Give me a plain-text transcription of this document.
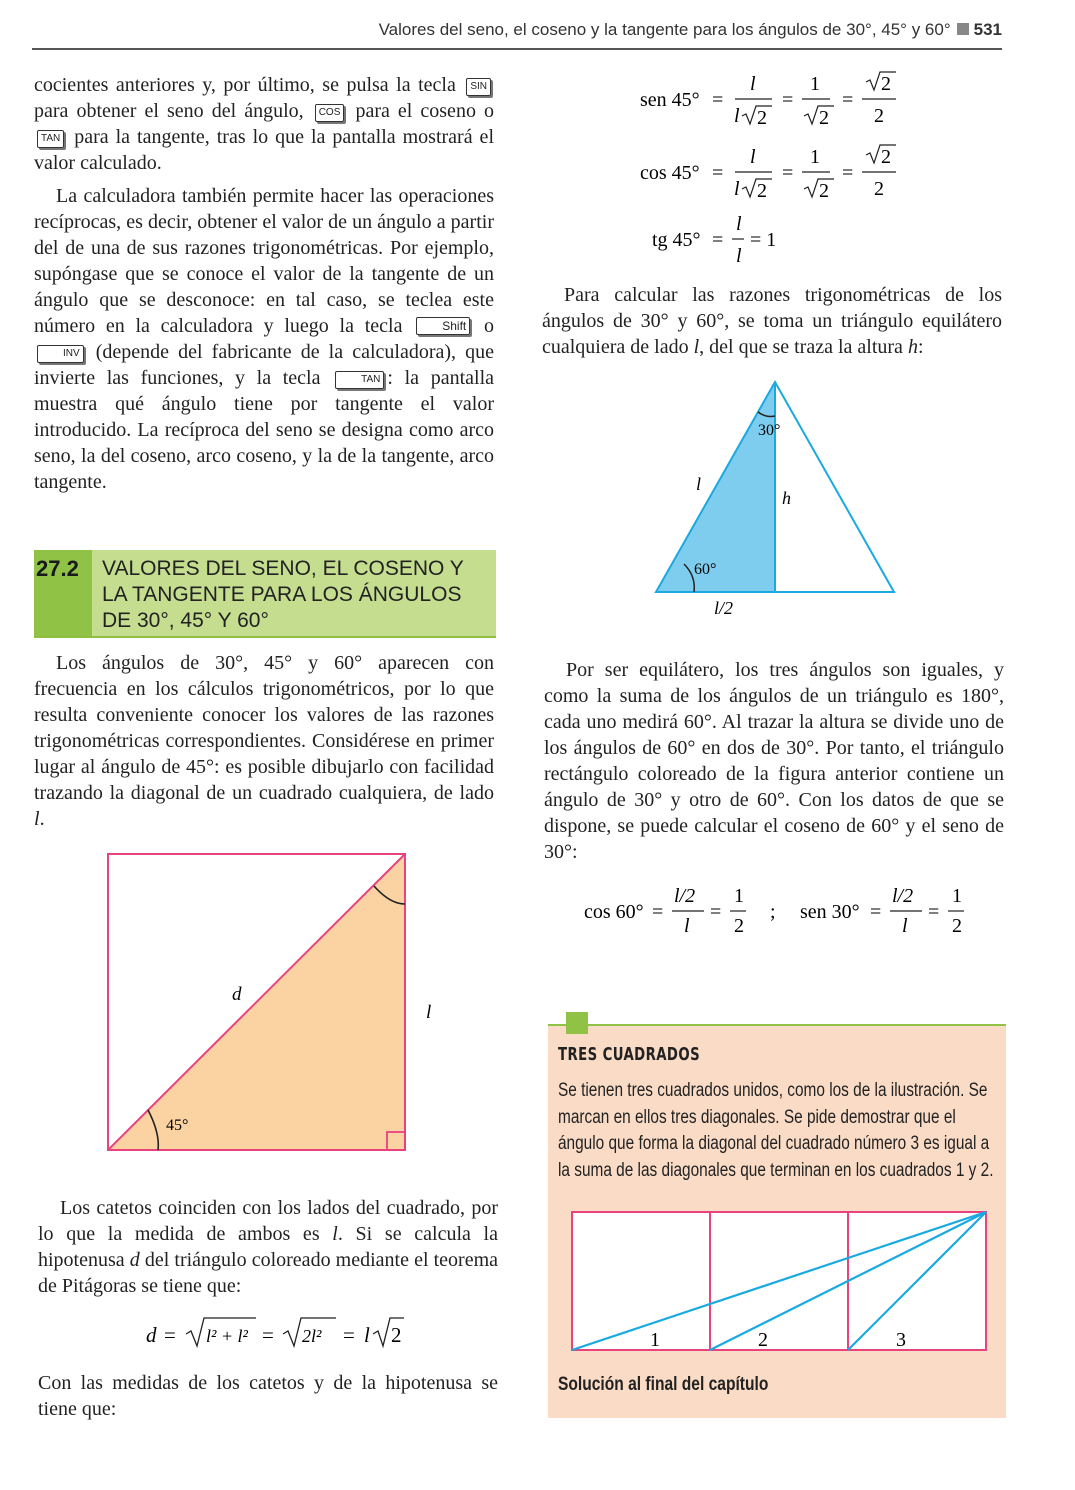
Valores del seno, el coseno y la tangente para los ángulos de 30°, 45° y 60° 531

cocientes anteriores y, por último, se pulsa la tecla SIN para obtener el seno del ángulo, COS para el coseno o TAN para la tangente, tras lo que la pantalla mostrará el valor calculado.

La calculadora también permite hacer las operaciones recíprocas, es decir, obtener el valor de un ángulo a partir del de una de sus razones trigonométricas. Por ejemplo, supóngase que se conoce el valor de la tangente de un ángulo que se desconoce: en tal caso, se teclea este número en la calculadora y luego la tecla	Shift o INV (depende del fabricante de la calculadora), que invierte las funciones, y la tecla	TAN : la pantalla muestra qué ángulo tiene por tangente el valor introducido. La recíproca del seno se designa como arco seno, la del coseno, arco coseno, y la de la tangente, arco tangente.

27.2	VALORES DEL SENO, EL COSENO Y LA TANGENTE PARA LOS ÁNGULOS DE 30°, 45° Y 60°

Los ángulos de 30°, 45° y 60° aparecen con frecuencia en los cálculos trigonométricos, por lo que resulta conveniente conocer los valores de las razones trigonométricas correspondientes. Considérese en primer lugar al ángulo de 45°: es posible dibujarlo con facilidad trazando la diagonal de un cuadrado cualquiera, de lado l.

d
l
45°

Los catetos coinciden con los lados del cuadrado, por lo que la medida de ambos es l. Si se calcula la hipotenusa d del triángulo coloreado mediante el teorema de Pitágoras se tiene que:

d = l² + l² = 2l² = l 2

Con las medidas de los catetos y de la hipotenusa se tiene que:

sen 45° =
l
l 2
=
1
2
=
2
2
cos 45° =
l
l 2
=
1
2
=
2
2
tg 45° =
l
l
= 1

Para calcular las razones trigonométricas de los ángulos de 30° y 60°, se toma un triángulo equilátero cualquiera de lado l, del que se traza la altura h:

30°
60°
l
h
l/2

Por ser equilátero, los tres ángulos son iguales, y como la suma de los ángulos de un triángulo es 180°, cada uno medirá 60°. Al trazar la altura se divide uno de los ángulos de 60° en dos de 30°. Por tanto, el triángulo rectángulo coloreado de la figura anterior contiene un ángulo de 30° y otro de 60°. Con los datos de que se dispone, se puede calcular el coseno de 60° y el seno de 30°:

cos 60° =
l/2
l
=
1
2
; sen 30° =
l/2
l
=
1
2
TRES CUADRADOS
Se tienen tres cuadrados unidos, como los de la ilustración. Se marcan en ellos tres diagonales. Se pide demostrar que el ángulo que forma la diagonal del cuadrado número 3 es igual a la suma de las diagonales que terminan en los cuadrados 1 y 2.
1	2	3
Solución al final del capítulo
